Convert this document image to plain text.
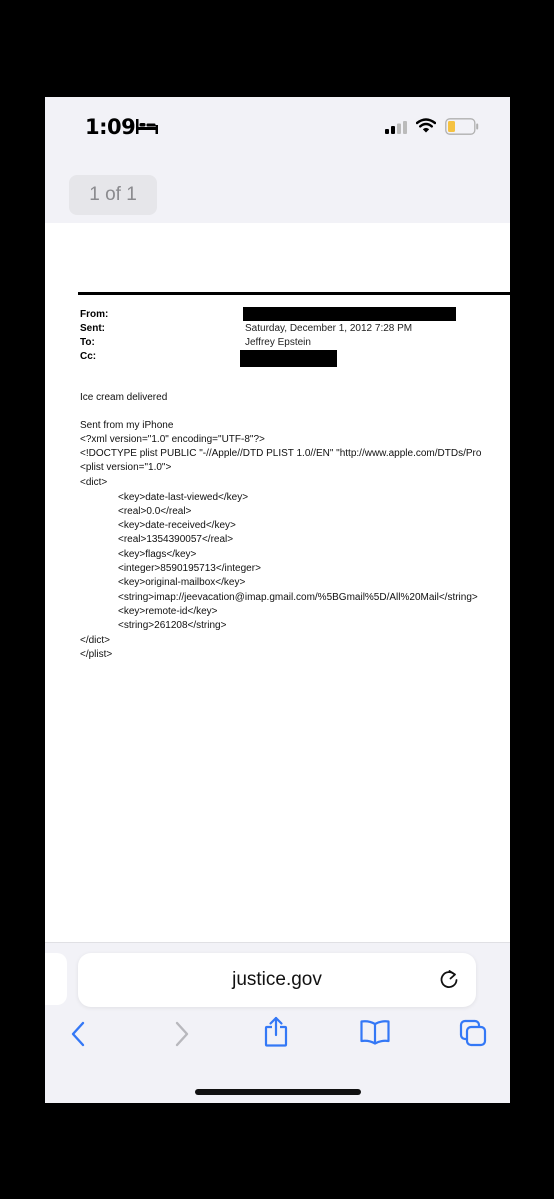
1:09
1 of 1
From:
Sent:	Saturday, December 1, 2012 7:28 PM
To:	Jeffrey Epstein
Cc:
Ice cream delivered
Sent from my iPhone
<?xml version="1.0" encoding="UTF-8"?>
<!DOCTYPE plist PUBLIC "-//Apple//DTD PLIST 1.0//EN" "http://www.apple.com/DTDs/Pro
<plist version="1.0">
<dict>
<key>date-last-viewed</key>
<real>0.0</real>
<key>date-received</key>
<real>1354390057</real>
<key>flags</key>
<integer>8590195713</integer>
<key>original-mailbox</key>
<string>imap://jeevacation@imap.gmail.com/%5BGmail%5D/All%20Mail</string>
<key>remote-id</key>
<string>261208</string>
</dict>
</plist>
justice.gov
